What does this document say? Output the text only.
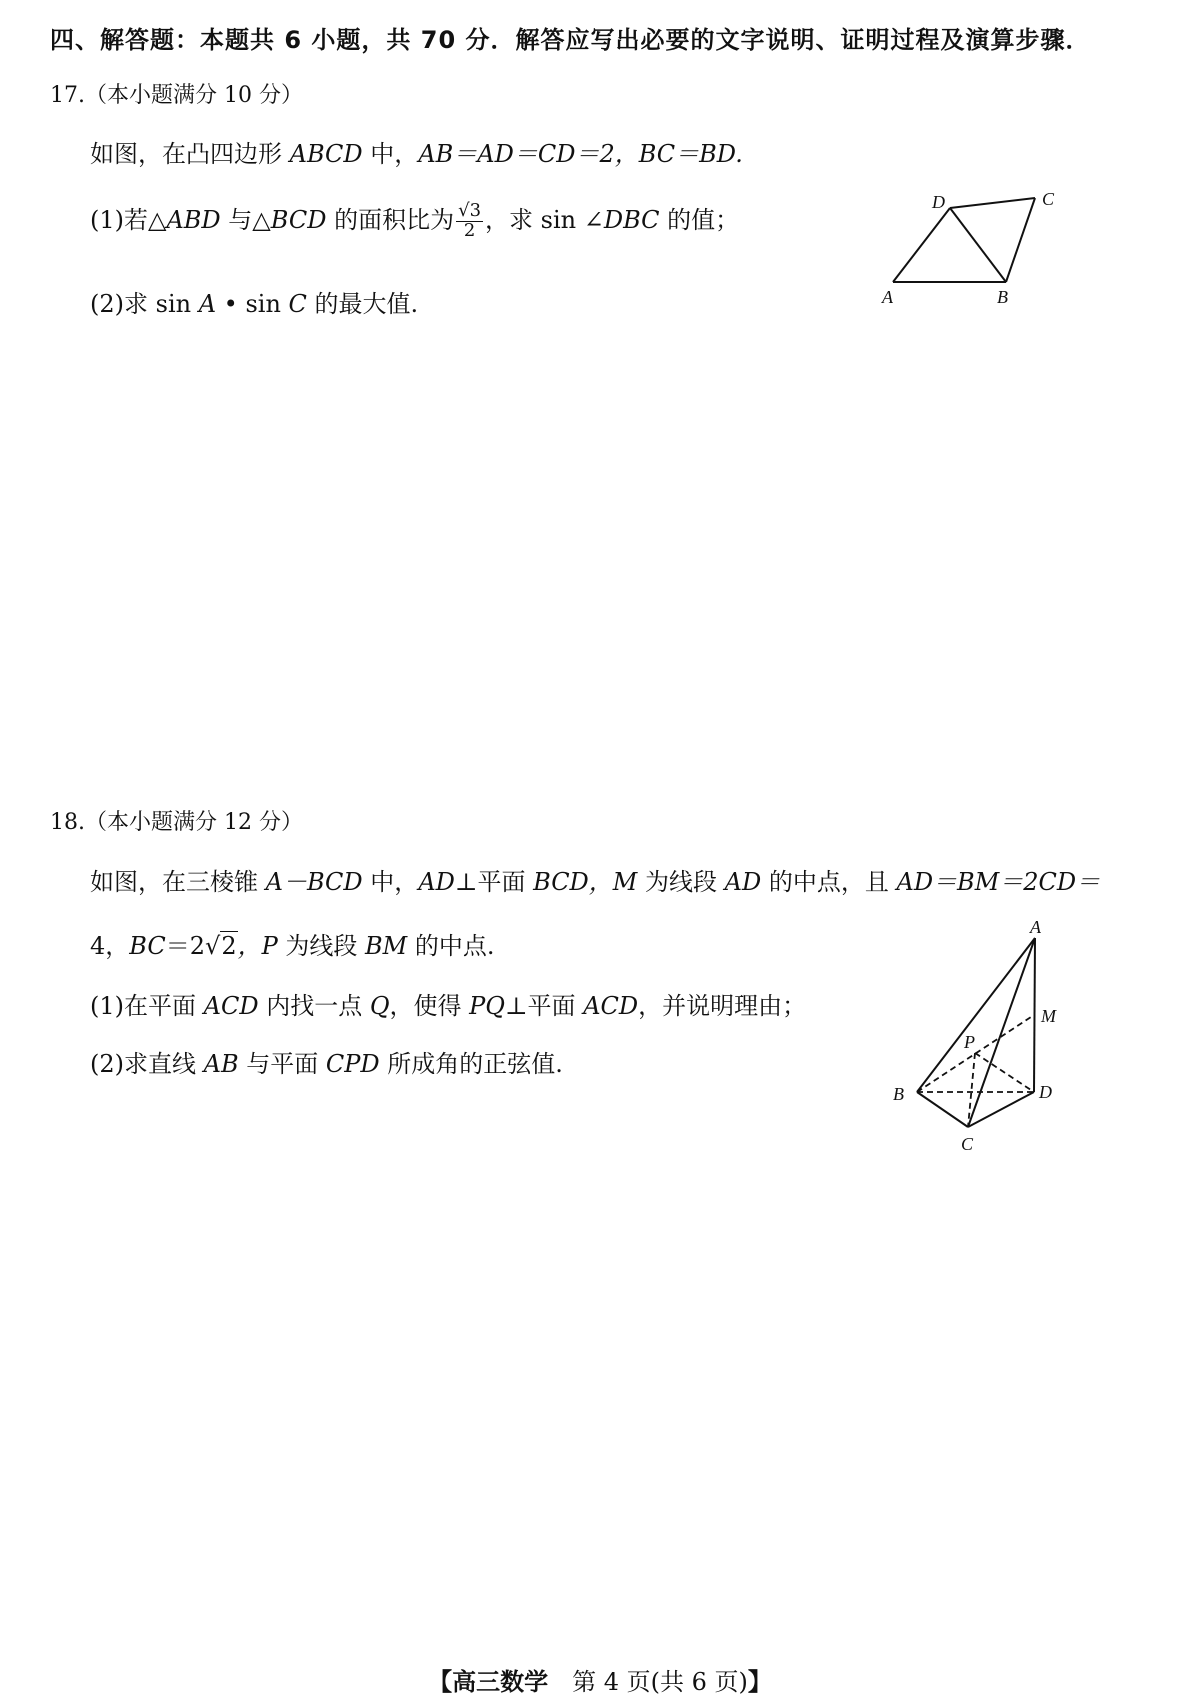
四、解答题：本题共 6 小题，共 70 分．解答应写出必要的文字说明、证明过程及演算步骤．
17.（本小题满分 10 分）
如图，在凸四边形 ABCD 中，AB＝AD＝CD＝2，BC＝BD.
(1)若△ABD 与△BCD 的面积比为 $\frac{√3}{2}$ ，求 sin ∠DBC 的值；
(2)求 sin A • sin C 的最大值.	A	B
C
D
18.（本小题满分 12 分）
如图，在三棱锥 A－BCD 中，AD⊥平面 BCD，M 为线段 AD 的中点，且 AD＝BM＝2CD＝
4，BC＝2√2，P 为线段 BM 的中点.
(1)在平面 ACD 内找一点 Q，使得 PQ⊥平面 ACD，并说明理由；
(2)求直线 AB 与平面 CPD 所成角的正弦值.
A
B
C
D
M
P
【高三数学　第 4 页(共 6 页)】
